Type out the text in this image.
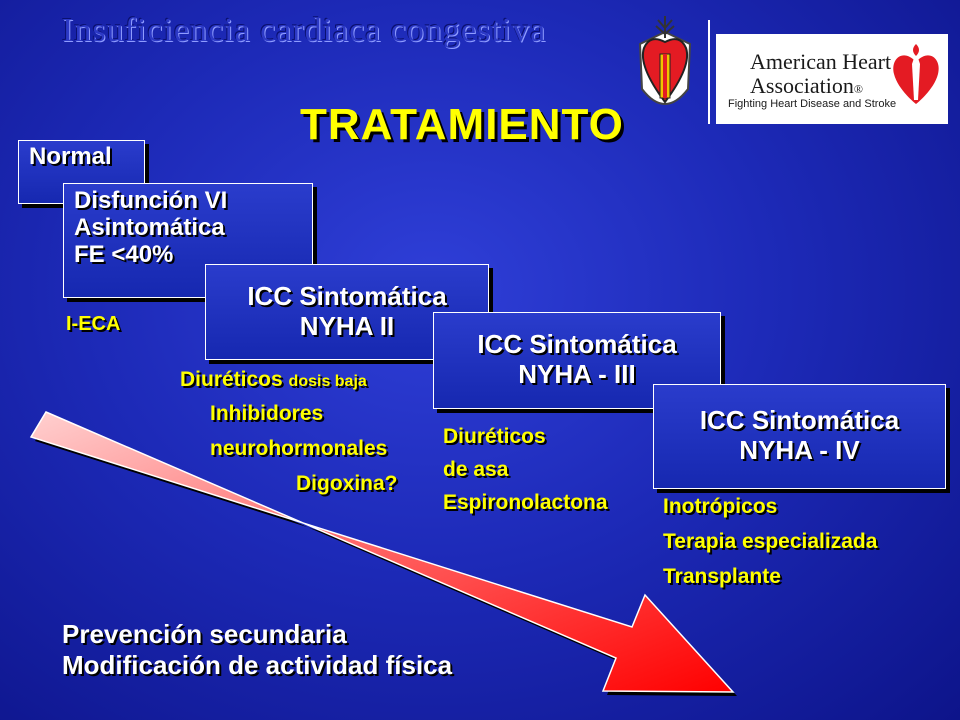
Insuficiencia cardiaca congestiva
American Heart
Association®
Fighting Heart Disease and Stroke
TRATAMIENTO
Normal
Disfunción VI
Asintomática
FE <40%
ICC Sintomática
NYHA II
ICC Sintomática
NYHA - III
ICC Sintomática
NYHA - IV
I-ECA
Diuréticos dosis baja
Inhibidores
neurohormonales
Digoxina?
Diuréticos
de asa
Espironolactona	Inotrópicos
Terapia especializada
Transplante
Prevención secundaria
Modificación de actividad física
